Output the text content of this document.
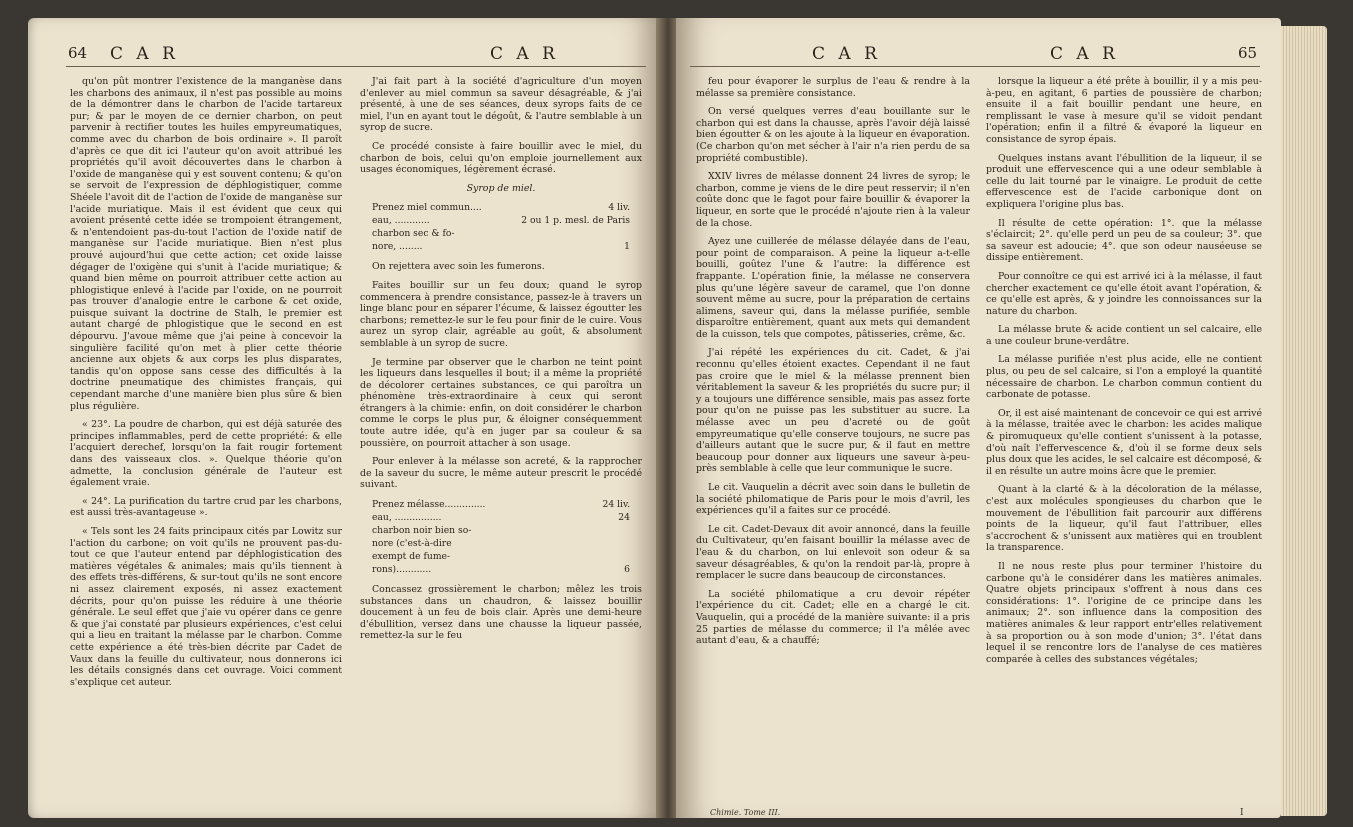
64 C A R	C A R	C A R	C A R	65

qu'on pût montrer l'existence de la manganèse dans les charbons des animaux, il n'est pas possible au moins de la démontrer dans le charbon de l'acide tartareux pur; & par le moyen de ce dernier charbon, on peut parvenir à rectifier toutes les huiles empyreumatiques, comme avec du charbon de bois ordinaire ». Il paroît d'après ce que dit ici l'auteur qu'on avoit attribué les propriétés qu'il avoit découvertes dans le charbon à l'oxide de manganèse qui y est souvent contenu; & qu'on se servoit de l'expression de déphlogistiquer, comme Shéele l'avoit dit de l'action de l'oxide de manganèse sur l'acide muriatique. Mais il est évident que ceux qui avoient présenté cette idée se trompoient étrangement, & n'entendoient pas-du-tout l'action de l'oxide natif de manganèse sur l'acide muriatique. Bien n'est plus prouvé aujourd'hui que cette action; cet oxide laisse dégager de l'oxigène qui s'unit à l'acide muriatique; & quand bien même on pourroit attribuer cette action au phlogistique enlevé à l'acide par l'oxide, on ne pourroit pas trouver d'analogie entre le carbone & cet oxide, puisque suivant la doctrine de Stalh, le premier est autant chargé de phlogistique que le second en est dépourvu. J'avoue même que j'ai peine à concevoir la singulière facilité qu'on met à plier cette théorie ancienne aux objets & aux corps les plus disparates, tandis qu'on oppose sans cesse des difficultés à la doctrine pneumatique des chimistes français, qui cependant marche d'une manière bien plus sûre & bien plus régulière.

« 23°. La poudre de charbon, qui est déjà saturée des principes inflammables, perd de cette propriété: & elle l'acquiert derechef, lorsqu'on la fait rougir fortement dans des vaisseaux clos. ». Quelque théorie qu'on admette, la conclusion générale de l'auteur est également vraie.

« 24°. La purification du tartre crud par les charbons, est aussi très-avantageuse ».

« Tels sont les 24 faits principaux cités par Lowitz sur l'action du carbone; on voit qu'ils ne prouvent pas-du-tout ce que l'auteur entend par déphlogistication des matières végétales & animales; mais qu'ils tiennent à des effets très-différens, & sur-tout qu'ils ne sont encore ni assez clairement exposés, ni assez exactement décrits, pour qu'on puisse les réduire à une théorie générale. Le seul effet que j'aie vu opérer dans ce genre & que j'ai constaté par plusieurs expériences, c'est celui qui a lieu en traitant la mélasse par le charbon. Comme cette expérience a été très-bien décrite par Cadet de Vaux dans la feuille du cultivateur, nous donnerons ici les détails consignés dans cet ouvrage. Voici comment s'explique cet auteur.

J'ai fait part à la société d'agriculture d'un moyen d'enlever au miel commun sa saveur désagréable, & j'ai présenté, à une de ses séances, deux syrops faits de ce miel, l'un en ayant tout le dégoût, & l'autre semblable à un syrop de sucre.

Ce procédé consiste à faire bouillir avec le miel, du charbon de bois, celui qu'on emploie journellement aux usages économiques, légèrement écrasé.

Syrop de miel.

Prenez miel commun....	4 liv.
eau, ............	2 ou 1 p. mesl. de Paris
charbon sec & fo-
nore, ........	1

On rejettera avec soin les fumerons.

Faites bouillir sur un feu doux; quand le syrop commencera à prendre consistance, passez-le à travers un linge blanc pour en séparer l'écume, & laissez égoutter les charbons; remettez-le sur le feu pour finir de le cuire. Vous aurez un syrop clair, agréable au goût, & absolument semblable à un syrop de sucre.

Je termine par observer que le charbon ne teint point les liqueurs dans lesquelles il bout; il a même la propriété de décolorer certaines substances, ce qui paroîtra un phénomène très-extraordinaire à ceux qui seront étrangers à la chimie: enfin, on doit considérer le charbon comme le corps le plus pur, & éloigner conséquemment toute autre idée, qu'à en juger par sa couleur & sa poussière, on pourroit attacher à son usage.

Pour enlever à la mélasse son acreté, & la rapprocher de la saveur du sucre, le même auteur prescrit le procédé suivant.

Prenez mélasse..............	24 liv.
eau, ................	24
charbon noir bien so-
nore (c'est-à-dire
exempt de fume-
rons)............	6

Concassez grossièrement le charbon; mêlez les trois substances dans un chaudron, & laissez bouillir doucement à un feu de bois clair. Après une demi-heure d'ébullition, versez dans une chausse la liqueur passée, remettez-la sur le feu

feu pour évaporer le surplus de l'eau & rendre à la mélasse sa première consistance.

On versé quelques verres d'eau bouillante sur le charbon qui est dans la chausse, après l'avoir déjà laissé bien égoutter & on les ajoute à la liqueur en évaporation. (Ce charbon qu'on met sécher à l'air n'a rien perdu de sa propriété combustible).

XXIV livres de mélasse donnent 24 livres de syrop; le charbon, comme je viens de le dire peut resservir; il n'en coûte donc que le fagot pour faire bouillir & évaporer la liqueur, en sorte que le procédé n'ajoute rien à la valeur de la chose.

Ayez une cuillerée de mélasse délayée dans de l'eau, pour point de comparaison. A peine la liqueur a-t-elle bouilli, goûtez l'une & l'autre: la différence est frappante. L'opération finie, la mélasse ne conservera plus qu'une légère saveur de caramel, que l'on donne souvent même au sucre, pour la préparation de certains alimens, saveur qui, dans la mélasse purifiée, semble disparoître entièrement, quant aux mets qui demandent de la cuisson, tels que compotes, pâtisseries, crême, &c.

J'ai répété les expériences du cit. Cadet, & j'ai reconnu qu'elles étoient exactes. Cependant il ne faut pas croire que le miel & la mélasse prennent bien véritablement la saveur & les propriétés du sucre pur; il y a toujours une différence sensible, mais pas assez forte pour qu'on ne puisse pas les substituer au sucre. La mélasse avec un peu d'acreté ou de goût empyreumatique qu'elle conserve toujours, ne sucre pas d'ailleurs autant que le sucre pur, & il faut en mettre beaucoup pour donner aux liqueurs une saveur à-peu-près semblable à celle que leur communique le sucre.

Le cit. Vauquelin a décrit avec soin dans le bulletin de la société philomatique de Paris pour le mois d'avril, les expériences qu'il a faites sur ce procédé.

Le cit. Cadet-Devaux dit avoir annoncé, dans la feuille du Cultivateur, qu'en faisant bouillir la mélasse avec de l'eau & du charbon, on lui enlevoit son odeur & sa saveur désagréables, & qu'on la rendoit par-là, propre à remplacer le sucre dans beaucoup de circonstances.

La société philomatique a cru devoir répéter l'expérience du cit. Cadet; elle en a chargé le cit. Vauquelin, qui a procédé de la manière suivante: il a pris 25 parties de mélasse du commerce; il l'a mêlée avec autant d'eau, & a chauffé;

lorsque la liqueur a été prête à bouillir, il y a mis peu-à-peu, en agitant, 6 parties de poussière de charbon; ensuite il a fait bouillir pendant une heure, en remplissant le vase à mesure qu'il se vidoit pendant l'opération; enfin il a filtré & évaporé la liqueur en consistance de syrop épais.

Quelques instans avant l'ébullition de la liqueur, il se produit une effervescence qui a une odeur semblable à celle du lait tourné par le vinaigre. Le produit de cette effervescence est de l'acide carbonique dont on expliquera l'origine plus bas.

Il résulte de cette opération: 1°. que la mélasse s'éclaircit; 2°. qu'elle perd un peu de sa couleur; 3°. que sa saveur est adoucie; 4°. que son odeur nauséeuse se dissipe entièrement.

Pour connoître ce qui est arrivé ici à la mélasse, il faut chercher exactement ce qu'elle étoit avant l'opération, & ce qu'elle est après, & y joindre les connoissances sur la nature du charbon.

La mélasse brute & acide contient un sel calcaire, elle a une couleur brune-verdâtre.

La mélasse purifiée n'est plus acide, elle ne contient plus, ou peu de sel calcaire, si l'on a employé la quantité nécessaire de charbon. Le charbon commun contient du carbonate de potasse.

Or, il est aisé maintenant de concevoir ce qui est arrivé à la mélasse, traitée avec le charbon: les acides malique & piromuqueux qu'elle contient s'unissent à la potasse, d'où naît l'effervescence &, d'où il se forme deux sels plus doux que les acides, le sel calcaire est décomposé, & il en résulte un autre moins âcre que le premier.

Quant à la clarté & à la décoloration de la mélasse, c'est aux molécules spongieuses du charbon que le mouvement de l'ébullition fait parcourir aux différens points de la liqueur, qu'il faut l'attribuer, elles s'accrochent & s'unissent aux matières qui en troublent la transparence.

Il ne nous reste plus pour terminer l'histoire du carbone qu'à le considérer dans les matières animales. Quatre objets principaux s'offrent à nous dans ces considérations: 1°. l'origine de ce principe dans les animaux; 2°. son influence dans la composition des matières animales & leur rapport entr'elles relativement à sa proportion ou à son mode d'union; 3°. l'état dans lequel il se rencontre lors de l'analyse de ces matières comparée à celles des substances végétales;

Chimie. Tome III.	I
